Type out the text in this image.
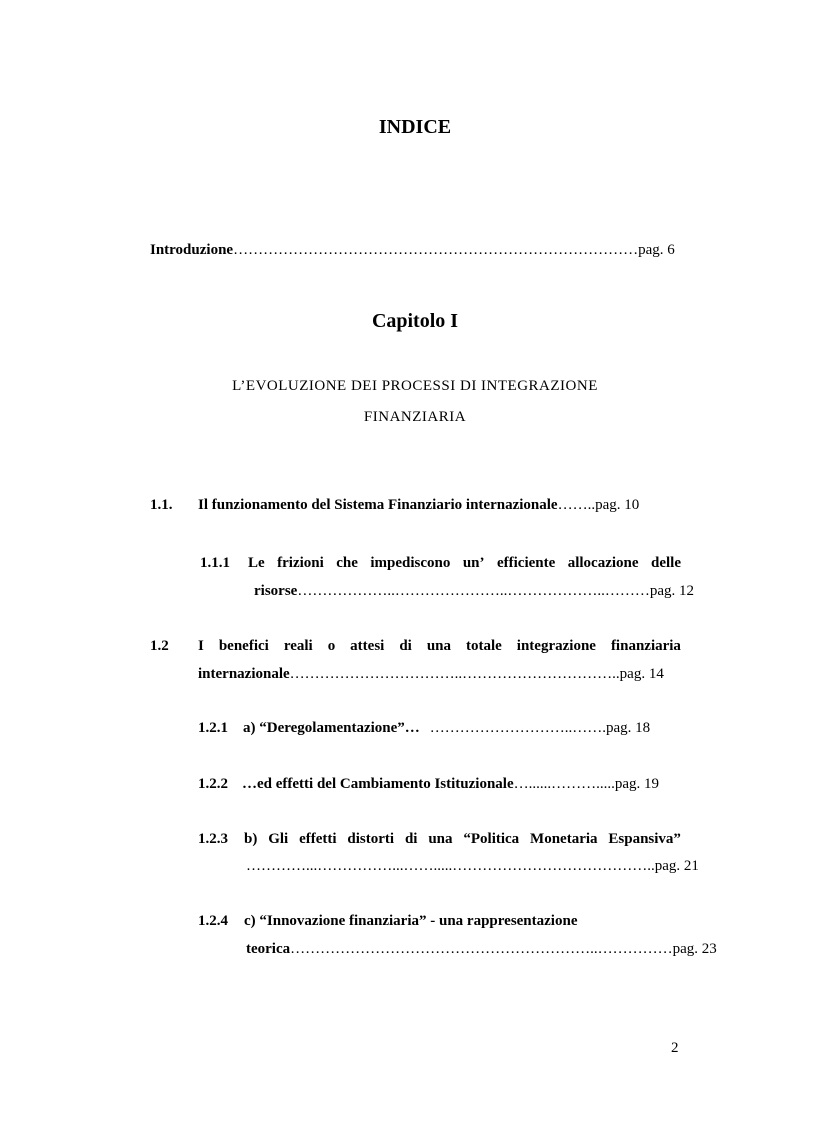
INDICE
Introduzione………………………………………………………………………pag. 6
Capitolo I
L’EVOLUZIONE DEI PROCESSI DI INTEGRAZIONE
FINANZIARIA
1.1. Il funzionamento del Sistema Finanziario internazionale……..pag. 10
1.1.1 Le frizioni che impediscono un’ efficiente allocazione delle
risorse………………..…………………..………………..………pag. 12
1.2 I benefici reali o attesi di una totale integrazione finanziaria
internazionale……………………………..…………………………..pag. 14
1.2.1 a) “Deregolamentazione”… ………………………..…….pag. 18
1.2.2 …ed effetti del Cambiamento Istituzionale…......……….....pag. 19
1.2.3 b) Gli effetti distorti di una “Politica Monetaria Espansiva”
…………...……………...…….....…………………………………..pag. 21
1.2.4 c) “Innovazione finanziaria” - una rappresentazione
teorica……………………………………………………..……………pag. 23
2
